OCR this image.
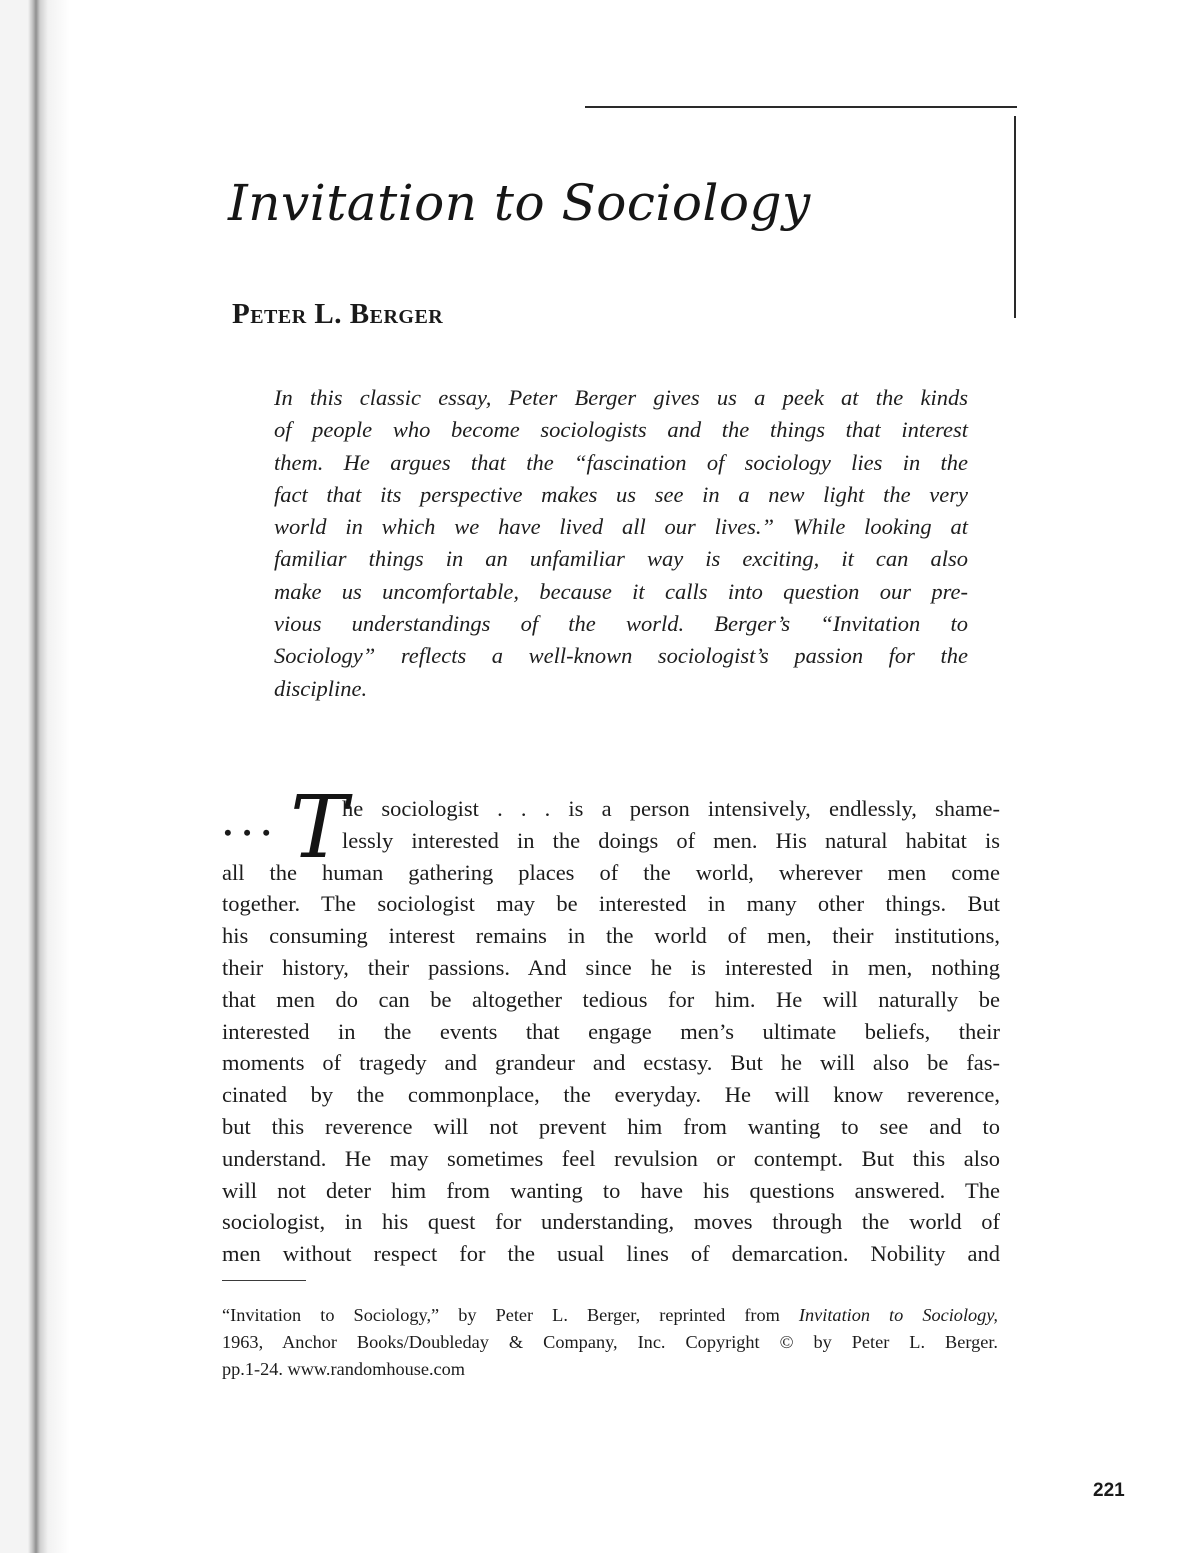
Invitation to Sociology
Peter L. Berger
In this classic essay, Peter Berger gives us a peek at the kinds
of people who become sociologists and the things that interest
them. He argues that the “fascination of sociology lies in the
fact that its perspective makes us see in a new light the very
world in which we have lived all our lives.” While looking at
familiar things in an unfamiliar way is exciting, it can also
make us uncomfortable, because it calls into question our pre-
vious understandings of the world. Berger’s “Invitation to
Sociology” reflects a well-known sociologist’s passion for the
discipline.
• • • T
he sociologist . . . is a person intensively, endlessly, shame-
lessly interested in the doings of men. His natural habitat is
all the human gathering places of the world, wherever men come
together. The sociologist may be interested in many other things. But
his consuming interest remains in the world of men, their institutions,
their history, their passions. And since he is interested in men, nothing
that men do can be altogether tedious for him. He will naturally be
interested in the events that engage men’s ultimate beliefs, their
moments of tragedy and grandeur and ecstasy. But he will also be fas-
cinated by the commonplace, the everyday. He will know reverence,
but this reverence will not prevent him from wanting to see and to
understand. He may sometimes feel revulsion or contempt. But this also
will not deter him from wanting to have his questions answered. The
sociologist, in his quest for understanding, moves through the world of
men without respect for the usual lines of demarcation. Nobility and
“Invitation to Sociology,” by Peter L. Berger, reprinted from Invitation to Sociology,
1963, Anchor Books/Doubleday & Company, Inc. Copyright © by Peter L. Berger.
pp.1-24. www.randomhouse.com
221
